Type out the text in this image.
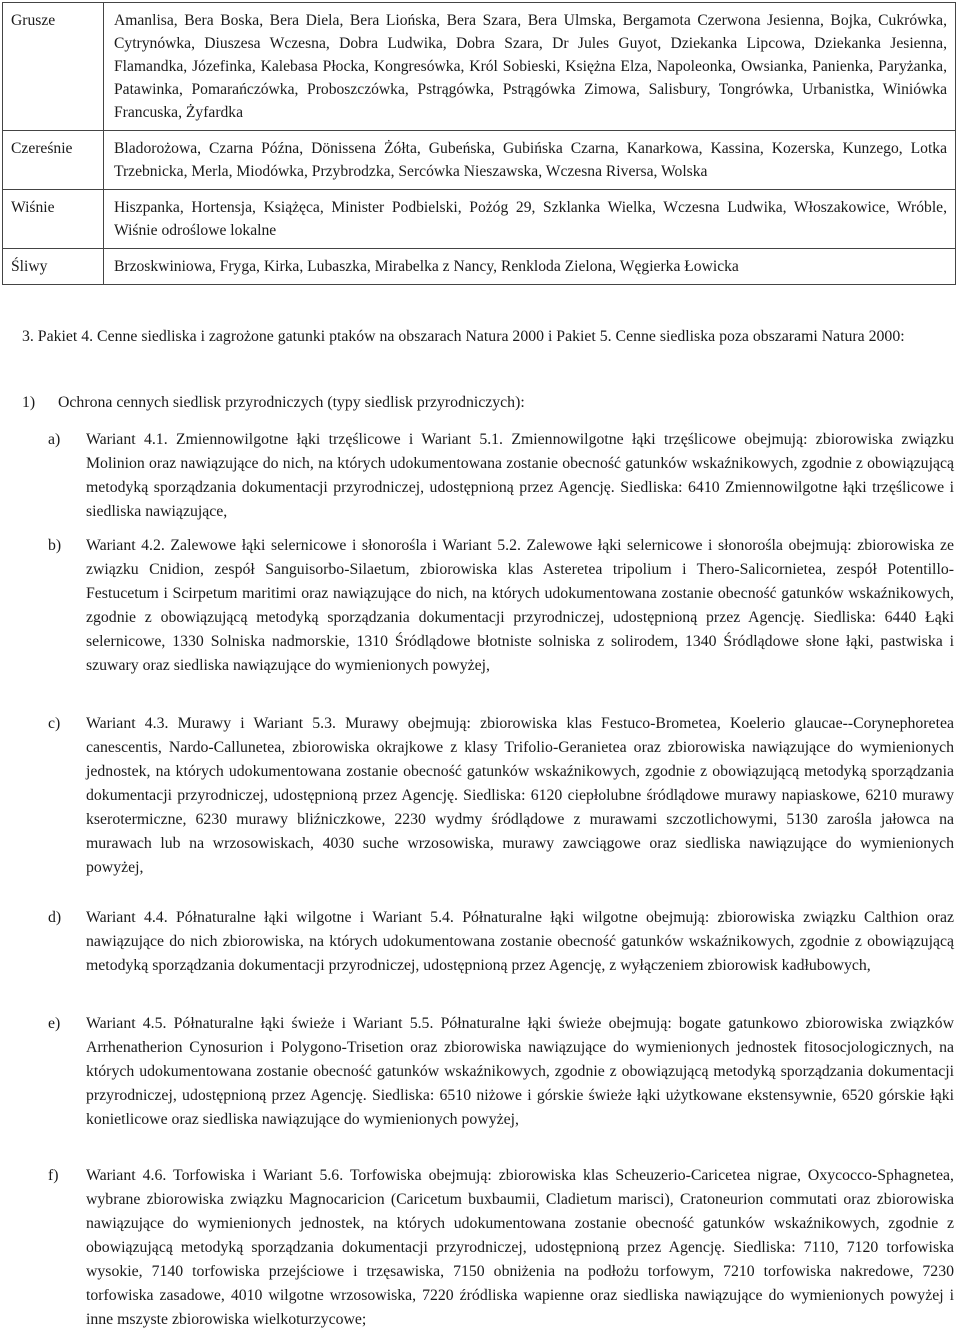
Grusze	Amanlisa, Bera Boska, Bera Diela, Bera Liońska, Bera Szara, Bera Ulmska, Bergamota Czerwona Jesienna, Bojka, Cukrówka, Cytrynówka, Diuszesa Wczesna, Dobra Ludwika, Dobra Szara, Dr Jules Guyot, Dziekanka Lipcowa, Dziekanka Jesienna, Flamandka, Józefinka, Kalebasa Płocka, Kongresówka, Król Sobieski, Księżna Elza, Napoleonka, Owsianka, Panienka, Paryżanka, Patawinka, Pomarańczówka, Proboszczówka, Pstrągówka, Pstrągówka Zimowa, Salisbury, Tongrówka, Urbanistka, Winiówka Francuska, Żyfardka
Czereśnie	Bladorożowa, Czarna Późna, Dönissena Żółta, Gubeńska, Gubińska Czarna, Kanarkowa, Kassina, Kozerska, Kunzego, Lotka Trzebnicka, Merla, Miodówka, Przybrodzka, Sercówka Nieszawska, Wczesna Riversa, Wolska
Wiśnie	Hiszpanka, Hortensja, Książęca, Minister Podbielski, Pożóg 29, Szklanka Wielka, Wczesna Ludwika, Włoszakowice, Wróble, Wiśnie odroślowe lokalne
Śliwy	Brzoskwiniowa, Fryga, Kirka, Lubaszka, Mirabelka z Nancy, Renkloda Zielona, Węgierka Łowicka
3. Pakiet 4. Cenne siedliska i zagrożone gatunki ptaków na obszarach Natura 2000 i Pakiet 5. Cenne siedliska poza obszarami Natura 2000:
1) Ochrona cennych siedlisk przyrodniczych (typy siedlisk przyrodniczych):
a)	Wariant 4.1. Zmiennowilgotne łąki trzęślicowe i Wariant 5.1. Zmiennowilgotne łąki trzęślicowe obejmują: zbiorowiska związku Molinion oraz nawiązujące do nich, na których udokumentowana zostanie obecność gatunków wskaźnikowych, zgodnie z obowiązującą metodyką sporządzania dokumentacji przyrodniczej, udostępnioną przez Agencję. Siedliska: 6410 Zmiennowilgotne łąki trzęślicowe i siedliska nawiązujące,
b)	Wariant 4.2. Zalewowe łąki selernicowe i słonorośla i Wariant 5.2. Zalewowe łąki selernicowe i słonorośla obejmują: zbiorowiska ze związku Cnidion, zespół Sanguisorbo-Silaetum, zbiorowiska klas Asteretea tripolium i Thero-Salicornietea, zespół Potentillo-Festucetum i Scirpetum maritimi oraz nawiązujące do nich, na których udokumentowana zostanie obecność gatunków wskaźnikowych, zgodnie z obowiązującą metodyką sporządzania dokumentacji przyrodniczej, udostępnioną przez Agencję. Siedliska: 6440 Łąki selernicowe, 1330 Solniska nadmorskie, 1310 Śródlądowe błotniste solniska z solirodem, 1340 Śródlądowe słone łąki, pastwiska i szuwary oraz siedliska nawiązujące do wymienionych powyżej,
c)	Wariant 4.3. Murawy i Wariant 5.3. Murawy obejmują: zbiorowiska klas Festuco-Brometea, Koelerio glaucae--Corynephoretea canescentis, Nardo-Callunetea, zbiorowiska okrajkowe z klasy Trifolio-Geranietea oraz zbiorowiska nawiązujące do wymienionych jednostek, na których udokumentowana zostanie obecność gatunków wskaźnikowych, zgodnie z obowiązującą metodyką sporządzania dokumentacji przyrodniczej, udostępnioną przez Agencję. Siedliska: 6120 ciepłolubne śródlądowe murawy napiaskowe, 6210 murawy kserotermiczne, 6230 murawy bliźniczkowe, 2230 wydmy śródlądowe z murawami szczotlichowymi, 5130 zarośla jałowca na murawach lub na wrzosowiskach, 4030 suche wrzosowiska, murawy zawciągowe oraz siedliska nawiązujące do wymienionych powyżej,
d)	Wariant 4.4. Półnaturalne łąki wilgotne i Wariant 5.4. Półnaturalne łąki wilgotne obejmują: zbiorowiska związku Calthion oraz nawiązujące do nich zbiorowiska, na których udokumentowana zostanie obecność gatunków wskaźnikowych, zgodnie z obowiązującą metodyką sporządzania dokumentacji przyrodniczej, udostępnioną przez Agencję, z wyłączeniem zbiorowisk kadłubowych,
e)	Wariant 4.5. Półnaturalne łąki świeże i Wariant 5.5. Półnaturalne łąki świeże obejmują: bogate gatunkowo zbiorowiska związków Arrhenatherion Cynosurion i Polygono-Trisetion oraz zbiorowiska nawiązujące do wymienionych jednostek fitosocjologicznych, na których udokumentowana zostanie obecność gatunków wskaźnikowych, zgodnie z obowiązującą metodyką sporządzania dokumentacji przyrodniczej, udostępnioną przez Agencję. Siedliska: 6510 niżowe i górskie świeże łąki użytkowane ekstensywnie, 6520 górskie łąki konietlicowe oraz siedliska nawiązujące do wymienionych powyżej,
f)	Wariant 4.6. Torfowiska i Wariant 5.6. Torfowiska obejmują: zbiorowiska klas Scheuzerio-Caricetea nigrae, Oxycocco-Sphagnetea, wybrane zbiorowiska związku Magnocaricion (Caricetum buxbaumii, Cladietum marisci), Cratoneurion commutati oraz zbiorowiska nawiązujące do wymienionych jednostek, na których udokumentowana zostanie obecność gatunków wskaźnikowych, zgodnie z obowiązującą metodyką sporządzania dokumentacji przyrodniczej, udostępnioną przez Agencję. Siedliska: 7110, 7120 torfowiska wysokie, 7140 torfowiska przejściowe i trzęsawiska, 7150 obniżenia na podłożu torfowym, 7210 torfowiska nakredowe, 7230 torfowiska zasadowe, 4010 wilgotne wrzosowiska, 7220 źródliska wapienne oraz siedliska nawiązujące do wymienionych powyżej i inne mszyste zbiorowiska wielkoturzycowe;
